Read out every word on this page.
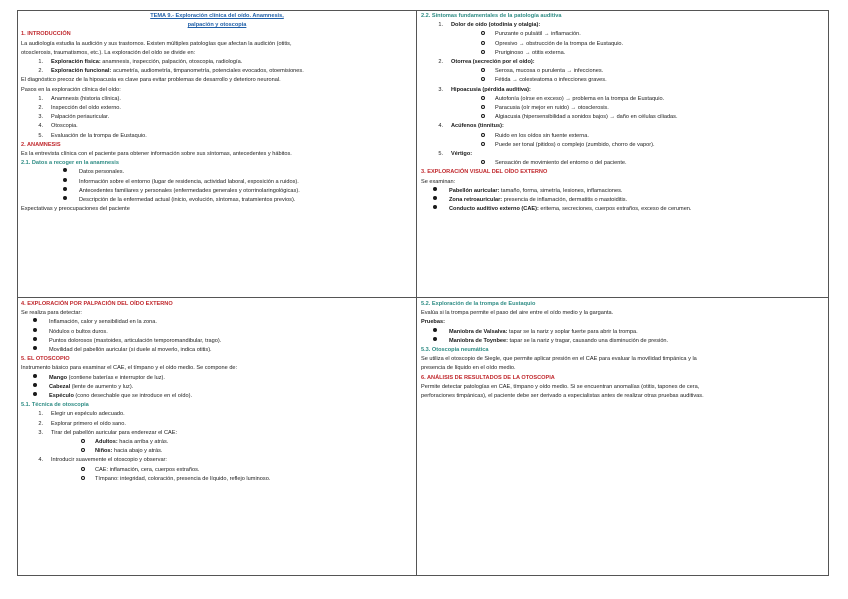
TEMA 9.- Exploración clínica del oído. Anamnesis,

palpación y otoscopia

1. INTRODUCCIÓN

La audiología estudia la audición y sus trastornos. Existen múltiples patologías que afectan la audición (otitis,

otosclerosis, traumatismos, etc.). La exploración del oído se divide en:

1. Exploración física: anamnesis, inspección, palpación, otoscopia, radiología.

2. Exploración funcional: acumetría, audiometría, timpanometría, potenciales evocados, otoemisiones.

El diagnóstico precoz de la hipoacusia es clave para evitar problemas de desarrollo y deterioro neuronal.

Pasos en la exploración clínica del oído:

1. Anamnesis (historia clínica).

2. Inspección del oído externo.

3. Palpación periauricular.

4. Otoscopia.

5. Evaluación de la trompa de Eustaquio.

2. ANAMNESIS

Es la entrevista clínica con el paciente para obtener información sobre sus síntomas, antecedentes y hábitos.

2.1. Datos a recoger en la anamnesis

Datos personales.

Información sobre el entorno (lugar de residencia, actividad laboral, exposición a ruidos).

Antecedentes familiares y personales (enfermedades generales y otorrinolaringológicas).

Descripción de la enfermedad actual (inicio, evolución, síntomas, tratamientos previos).

Expectativas y preocupaciones del paciente

2.2. Síntomas fundamentales de la patología auditiva

1. Dolor de oído (otodinia y otalgia):

Punzante o pulsátil → inflamación.

Opresivo → obstrucción de la trompa de Eustaquio.

Pruriginoso → otitis externa.

2. Otorrea (secreción por el oído):

Serosa, mucosa o purulenta → infecciones.

Fétida → colesteatoma o infecciones graves.

3. Hipoacusia (pérdida auditiva):

Autofonía (oírse en exceso) → problema en la trompa de Eustaquio.

Paracusia (oír mejor en ruido) → otosclerosis.

Algiacusia (hipersensibilidad a sonidos bajos) → daño en células ciliadas.

4. Acúfenos (tinnitus):

Ruido en los oídos sin fuente externa.

Puede ser tonal (pitidos) o complejo (zumbido, chorro de vapor).

5. Vértigo:

Sensación de movimiento del entorno o del paciente.

3. EXPLORACIÓN VISUAL DEL OÍDO EXTERNO

Se examinan:

Pabellón auricular: tamaño, forma, simetría, lesiones, inflamaciones.

Zona retroauricular: presencia de inflamación, dermatitis o mastoiditis.

Conducto auditivo externo (CAE): eritema, secreciones, cuerpos extraños, exceso de cerumen.

4. EXPLORACIÓN POR PALPACIÓN DEL OÍDO EXTERNO

Se realiza para detectar:

Inflamación, calor y sensibilidad en la zona.

Nódulos o bultos duros.

Puntos dolorosos (mastoides, articulación temporomandibular, trago).

Movilidad del pabellón auricular (si duele al moverlo, indica otitis).

5. EL OTOSCOPIO

Instrumento básico para examinar el CAE, el tímpano y el oído medio. Se compone de:

Mango (contiene baterías e interruptor de luz).

Cabezal (lente de aumento y luz).

Espéculo (cono desechable que se introduce en el oído).

5.1. Técnica de otoscopia

1. Elegir un espéculo adecuado.

2. Explorar primero el oído sano.

3. Tirar del pabellón auricular para enderezar el CAE:

Adultos: hacia arriba y atrás.

Niños: hacia abajo y atrás.

4. Introducir suavemente el otoscopio y observar:

CAE: inflamación, cera, cuerpos extraños.

Tímpano: integridad, coloración, presencia de líquido, reflejo luminoso.

5.2. Exploración de la trompa de Eustaquio

Evalúa si la trompa permite el paso del aire entre el oído medio y la garganta.

Pruebas:

Maniobra de Valsalva: tapar se la nariz y soplar fuerte para abrir la trompa.

Maniobra de Toynbee: tapar se la nariz y tragar, causando una disminución de presión.

5.3. Otoscopia neumática

Se utiliza el otoscopio de Siegle, que permite aplicar presión en el CAE para evaluar la movilidad timpánica y la

presencia de líquido en el oído medio.

6. ANÁLISIS DE RESULTADOS DE LA OTOSCOPIA

Permite detectar patologías en CAE, tímpano y oído medio. Si se encuentran anomalías (otitis, tapones de cera,

perforaciones timpánicas), el paciente debe ser derivado a especialistas antes de realizar otras pruebas auditivas.
